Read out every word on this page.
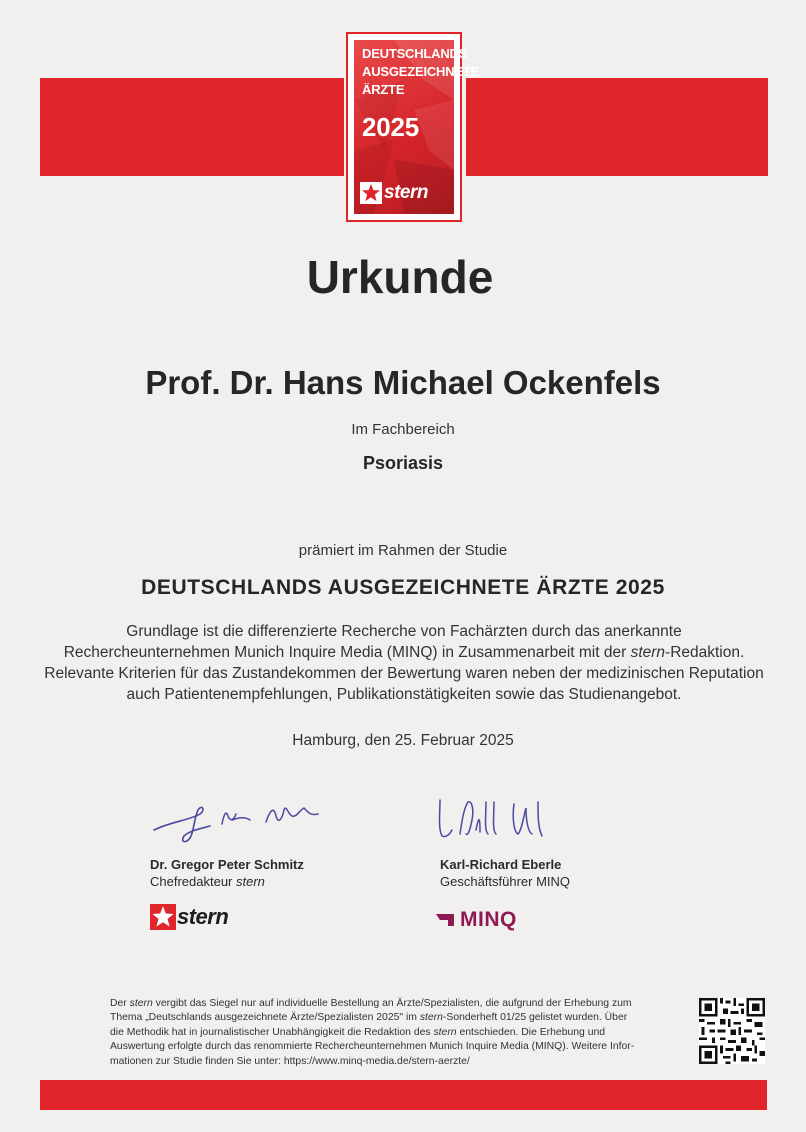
DEUTSCHLANDS
AUSGEZEICHNETE
ÄRZTE
2025
stern
Urkunde
Prof. Dr. Hans Michael Ockenfels
Im Fachbereich
Psoriasis
prämiert im Rahmen der Studie
DEUTSCHLANDS AUSGEZEICHNETE ÄRZTE 2025

Grundlage ist die differenzierte Recherche von Fachärzten durch das anerkannte

Rechercheunternehmen Munich Inquire Media (MINQ) in Zusammenarbeit mit der stern-Redaktion.

Relevante Kriterien für das Zustandekommen der Bewertung waren neben der medizinischen Reputation

auch Patientenempfehlungen, Publikationstätigkeiten sowie das Studienangebot.

Hamburg, den 25. Februar 2025
Dr. Gregor Peter Schmitz
Chefredakteur stern
Karl-Richard Eberle
Geschäftsführer MINQ
stern	MINQ

Der stern vergibt das Siegel nur auf individuelle Bestellung an Ärzte/Spezialisten, die aufgrund der Erhebung zum

Thema „Deutschlands ausgezeichnete Ärzte/Spezialisten 2025" im stern-Sonderheft 01/25 gelistet wurden. Über

die Methodik hat in journalistischer Unabhängigkeit die Redaktion des stern entschieden. Die Erhebung und

Auswertung erfolgte durch das renommierte Rechercheunternehmen Munich Inquire Media (MINQ). Weitere Infor-

mationen zur Studie finden Sie unter: https://www.minq-media.de/stern-aerzte/
